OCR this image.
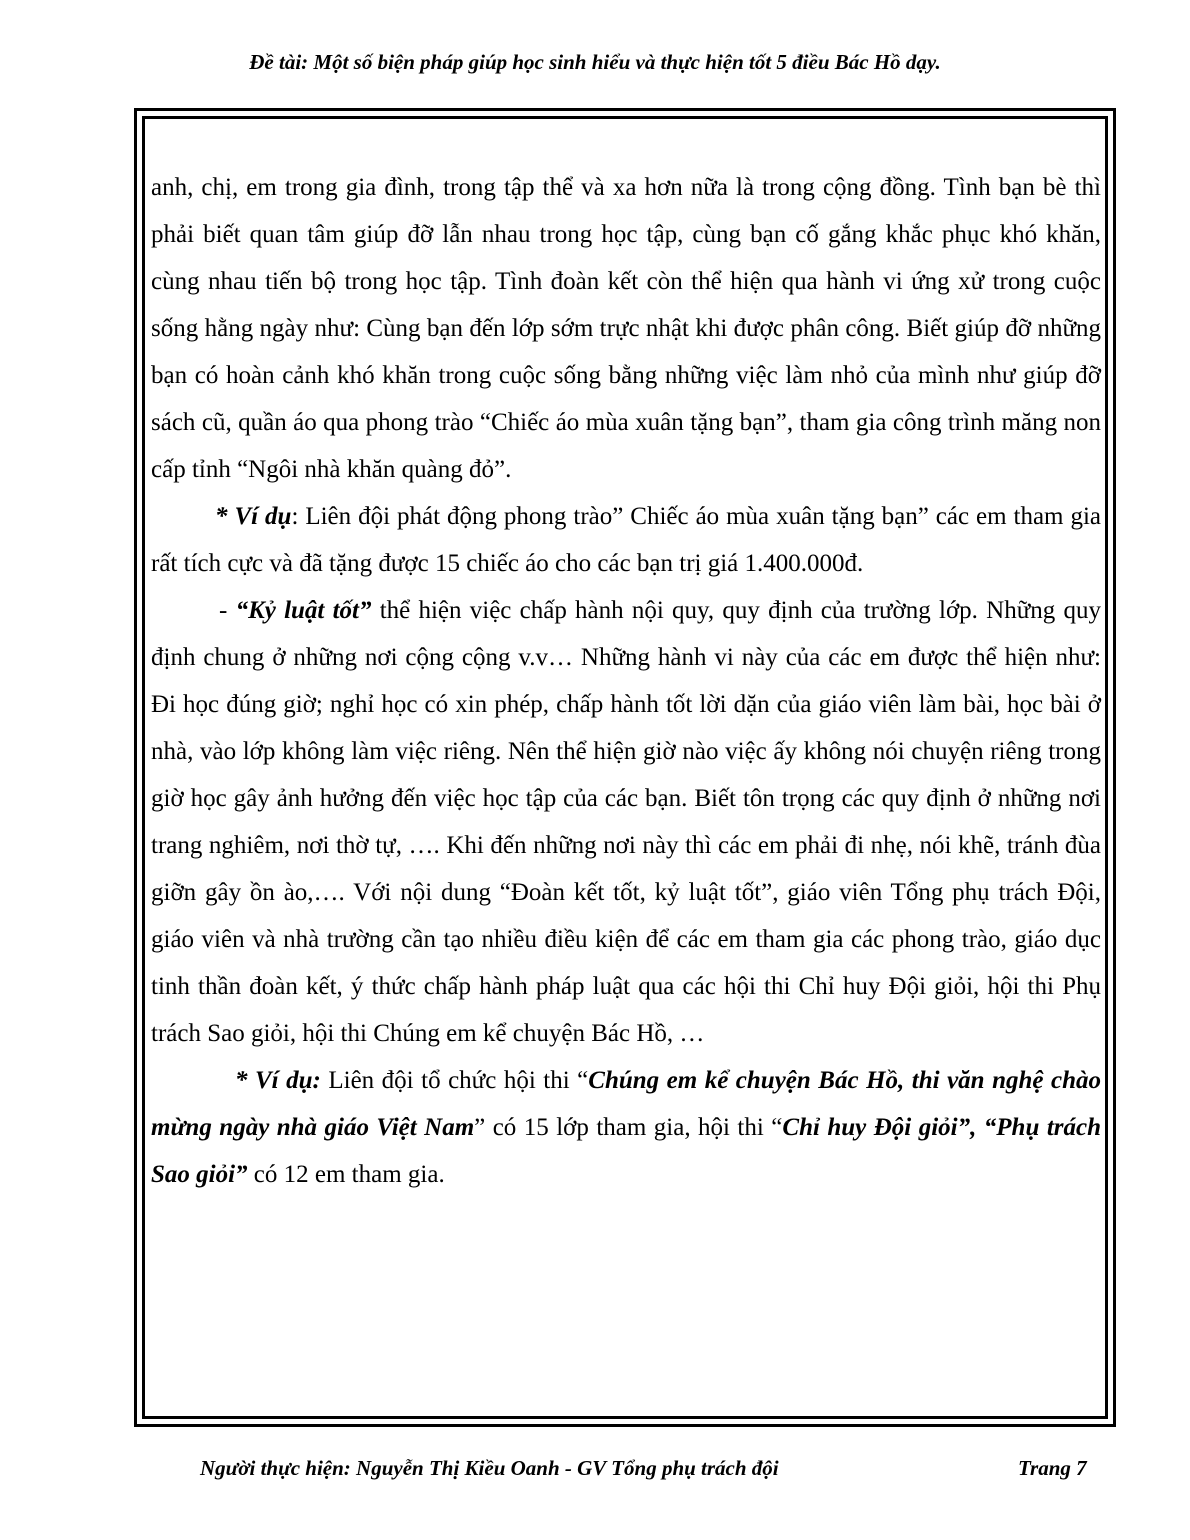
Đề tài: Một số biện pháp giúp học sinh hiểu và thực hiện tốt 5 điều Bác Hồ dạy.

anh, chị, em trong gia đình, trong tập thể và xa hơn nữa là trong cộng đồng. Tình bạn bè thì phải biết quan tâm giúp đỡ lẫn nhau trong học tập, cùng bạn cố gắng khắc phục khó khăn, cùng nhau tiến bộ trong học tập. Tình đoàn kết còn thể hiện qua hành vi ứng xử trong cuộc sống hằng ngày như: Cùng bạn đến lớp sớm trực nhật khi được phân công. Biết giúp đỡ những bạn có hoàn cảnh khó khăn trong cuộc sống bằng những việc làm nhỏ của mình như giúp đỡ sách cũ, quần áo qua phong trào “Chiếc áo mùa xuân tặng bạn”, tham gia công trình măng non cấp tỉnh “Ngôi nhà khăn quàng đỏ”.

* Ví dụ: Liên đội phát động phong trào” Chiếc áo mùa xuân tặng bạn” các em tham gia rất tích cực và đã tặng được 15 chiếc áo cho các bạn trị giá 1.400.000đ.

- “Kỷ luật tốt” thể hiện việc chấp hành nội quy, quy định của trường lớp. Những quy định chung ở những nơi cộng cộng v.v… Những hành vi này của các em được thể hiện như: Đi học đúng giờ; nghỉ học có xin phép, chấp hành tốt lời dặn của giáo viên làm bài, học bài ở nhà, vào lớp không làm việc riêng. Nên thể hiện giờ nào việc ấy không nói chuyện riêng trong giờ học gây ảnh hưởng đến việc học tập của các bạn. Biết tôn trọng các quy định ở những nơi trang nghiêm, nơi thờ tự, …. Khi đến những nơi này thì các em phải đi nhẹ, nói khẽ, tránh đùa giỡn gây ồn ào,…. Với nội dung “Đoàn kết tốt, kỷ luật tốt”, giáo viên Tổng phụ trách Đội, giáo viên và nhà trường cần tạo nhiều điều kiện để các em tham gia các phong trào, giáo dục tinh thần đoàn kết, ý thức chấp hành pháp luật qua các hội thi Chỉ huy Đội giỏi, hội thi Phụ trách Sao giỏi, hội thi Chúng em kể chuyện Bác Hồ, …

* Ví dụ: Liên đội tổ chức hội thi “Chúng em kể chuyện Bác Hồ, thi văn nghệ chào mừng ngày nhà giáo Việt Nam” có 15 lớp tham gia, hội thi “Chỉ huy Đội giỏi”, “Phụ trách Sao giỏi” có 12 em tham gia.

Người thực hiện: Nguyễn Thị Kiều Oanh - GV Tổng phụ trách đội	Trang 7
